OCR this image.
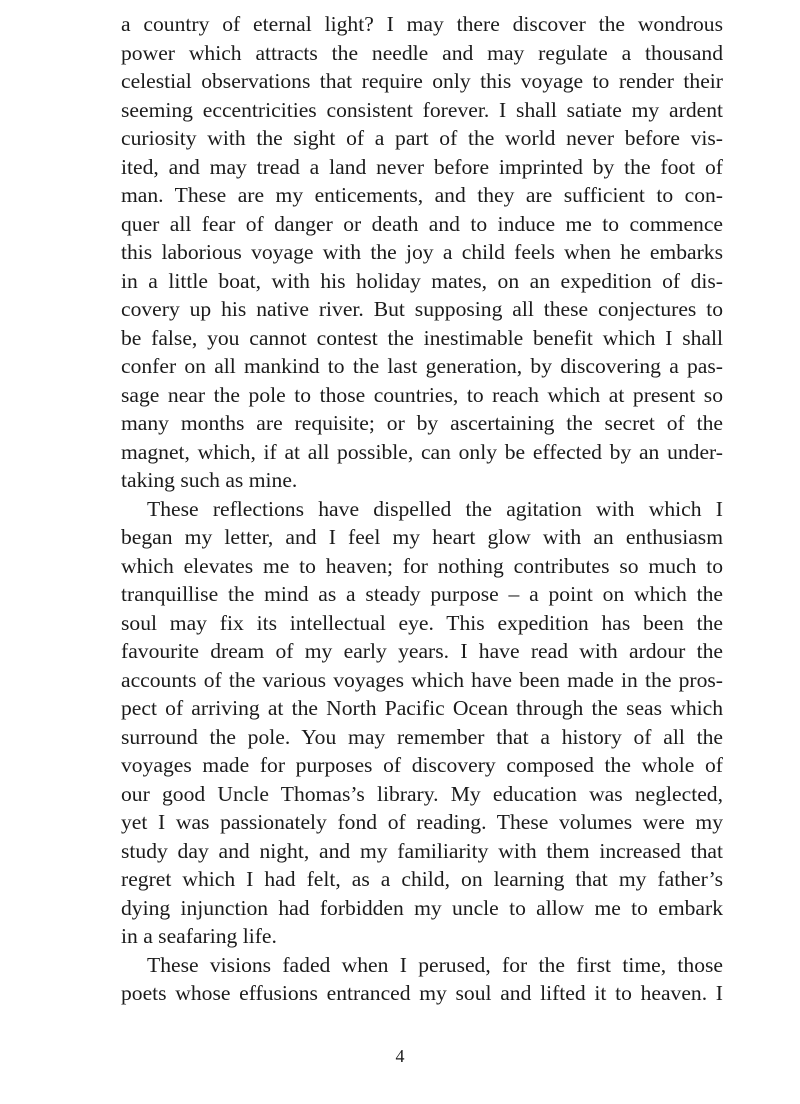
a country of eternal light? I may there discover the wondrous
power which attracts the needle and may regulate a thousand
celestial observations that require only this voyage to render their
seeming eccentricities consistent forever. I shall satiate my ardent
curiosity with the sight of a part of the world never before vis-
ited, and may tread a land never before imprinted by the foot of
man. These are my enticements, and they are sufficient to con-
quer all fear of danger or death and to induce me to commence
this laborious voyage with the joy a child feels when he embarks
in a little boat, with his holiday mates, on an expedition of dis-
covery up his native river. But supposing all these conjectures to
be false, you cannot contest the inestimable benefit which I shall
confer on all mankind to the last generation, by discovering a pas-
sage near the pole to those countries, to reach which at present so
many months are requisite; or by ascertaining the secret of the
magnet, which, if at all possible, can only be effected by an under-
taking such as mine.
These reflections have dispelled the agitation with which I
began my letter, and I feel my heart glow with an enthusiasm
which elevates me to heaven; for nothing contributes so much to
tranquillise the mind as a steady purpose – a point on which the
soul may fix its intellectual eye. This expedition has been the
favourite dream of my early years. I have read with ardour the
accounts of the various voyages which have been made in the pros-
pect of arriving at the North Pacific Ocean through the seas which
surround the pole. You may remember that a history of all the
voyages made for purposes of discovery composed the whole of
our good Uncle Thomas’s library. My education was neglected,
yet I was passionately fond of reading. These volumes were my
study day and night, and my familiarity with them increased that
regret which I had felt, as a child, on learning that my father’s
dying injunction had forbidden my uncle to allow me to embark
in a seafaring life.
These visions faded when I perused, for the first time, those
poets whose effusions entranced my soul and lifted it to heaven. I
4
